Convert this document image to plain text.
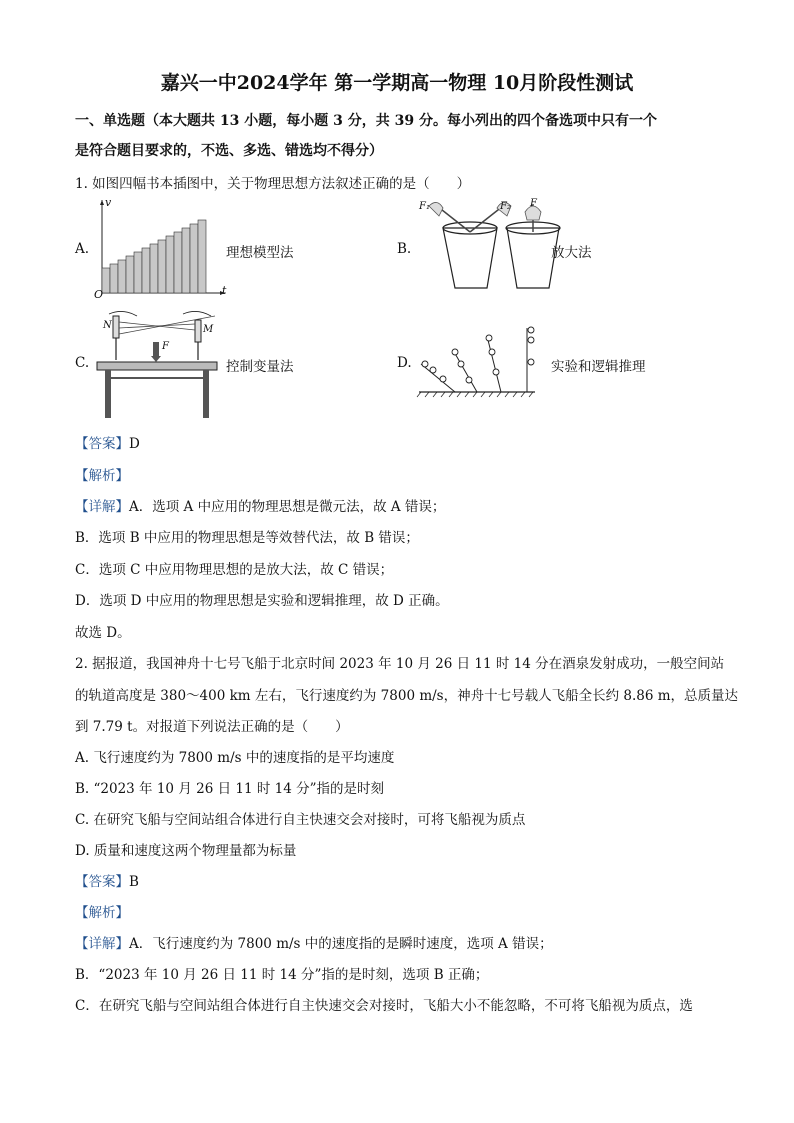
嘉兴一中2024学年 第一学期高一物理 10月阶段性测试
一、单选题（本大题共 13 小题，每小题 3 分，共 39 分。每小列出的四个备选项中只有一个
是符合题目要求的，不选、多选、错选均不得分）
1. 如图四幅书本插图中，关于物理思想方法叙述正确的是（　　）
A.
v
t
O
理想模型法	B.
F₁	F₂ F
放大法
C.
N	M
F
控制变量法	D.	实验和逻辑推理
【答案】D
【解析】
【详解】A．选项 A 中应用的物理思想是微元法，故 A 错误；
B．选项 B 中应用的物理思想是等效替代法，故 B 错误；
C．选项 C 中应用物理思想的是放大法，故 C 错误；
D．选项 D 中应用的物理思想是实验和逻辑推理，故 D 正确。
故选 D。
2. 据报道，我国神舟十七号飞船于北京时间 2023 年 10 月 26 日 11 时 14 分在酒泉发射成功，一般空间站
的轨道高度是 380～400 km 左右，飞行速度约为 7800 m/s，神舟十七号载人飞船全长约 8.86 m，总质量达
到 7.79 t。对报道下列说法正确的是（　　）
A. 飞行速度约为 7800 m/s 中的速度指的是平均速度
B. “2023 年 10 月 26 日 11 时 14 分”指的是时刻
C. 在研究飞船与空间站组合体进行自主快速交会对接时，可将飞船视为质点
D. 质量和速度这两个物理量都为标量
【答案】B
【解析】
【详解】A．飞行速度约为 7800 m/s 中的速度指的是瞬时速度，选项 A 错误；
B．“2023 年 10 月 26 日 11 时 14 分”指的是时刻，选项 B 正确；
C．在研究飞船与空间站组合体进行自主快速交会对接时，飞船大小不能忽略，不可将飞船视为质点，选
